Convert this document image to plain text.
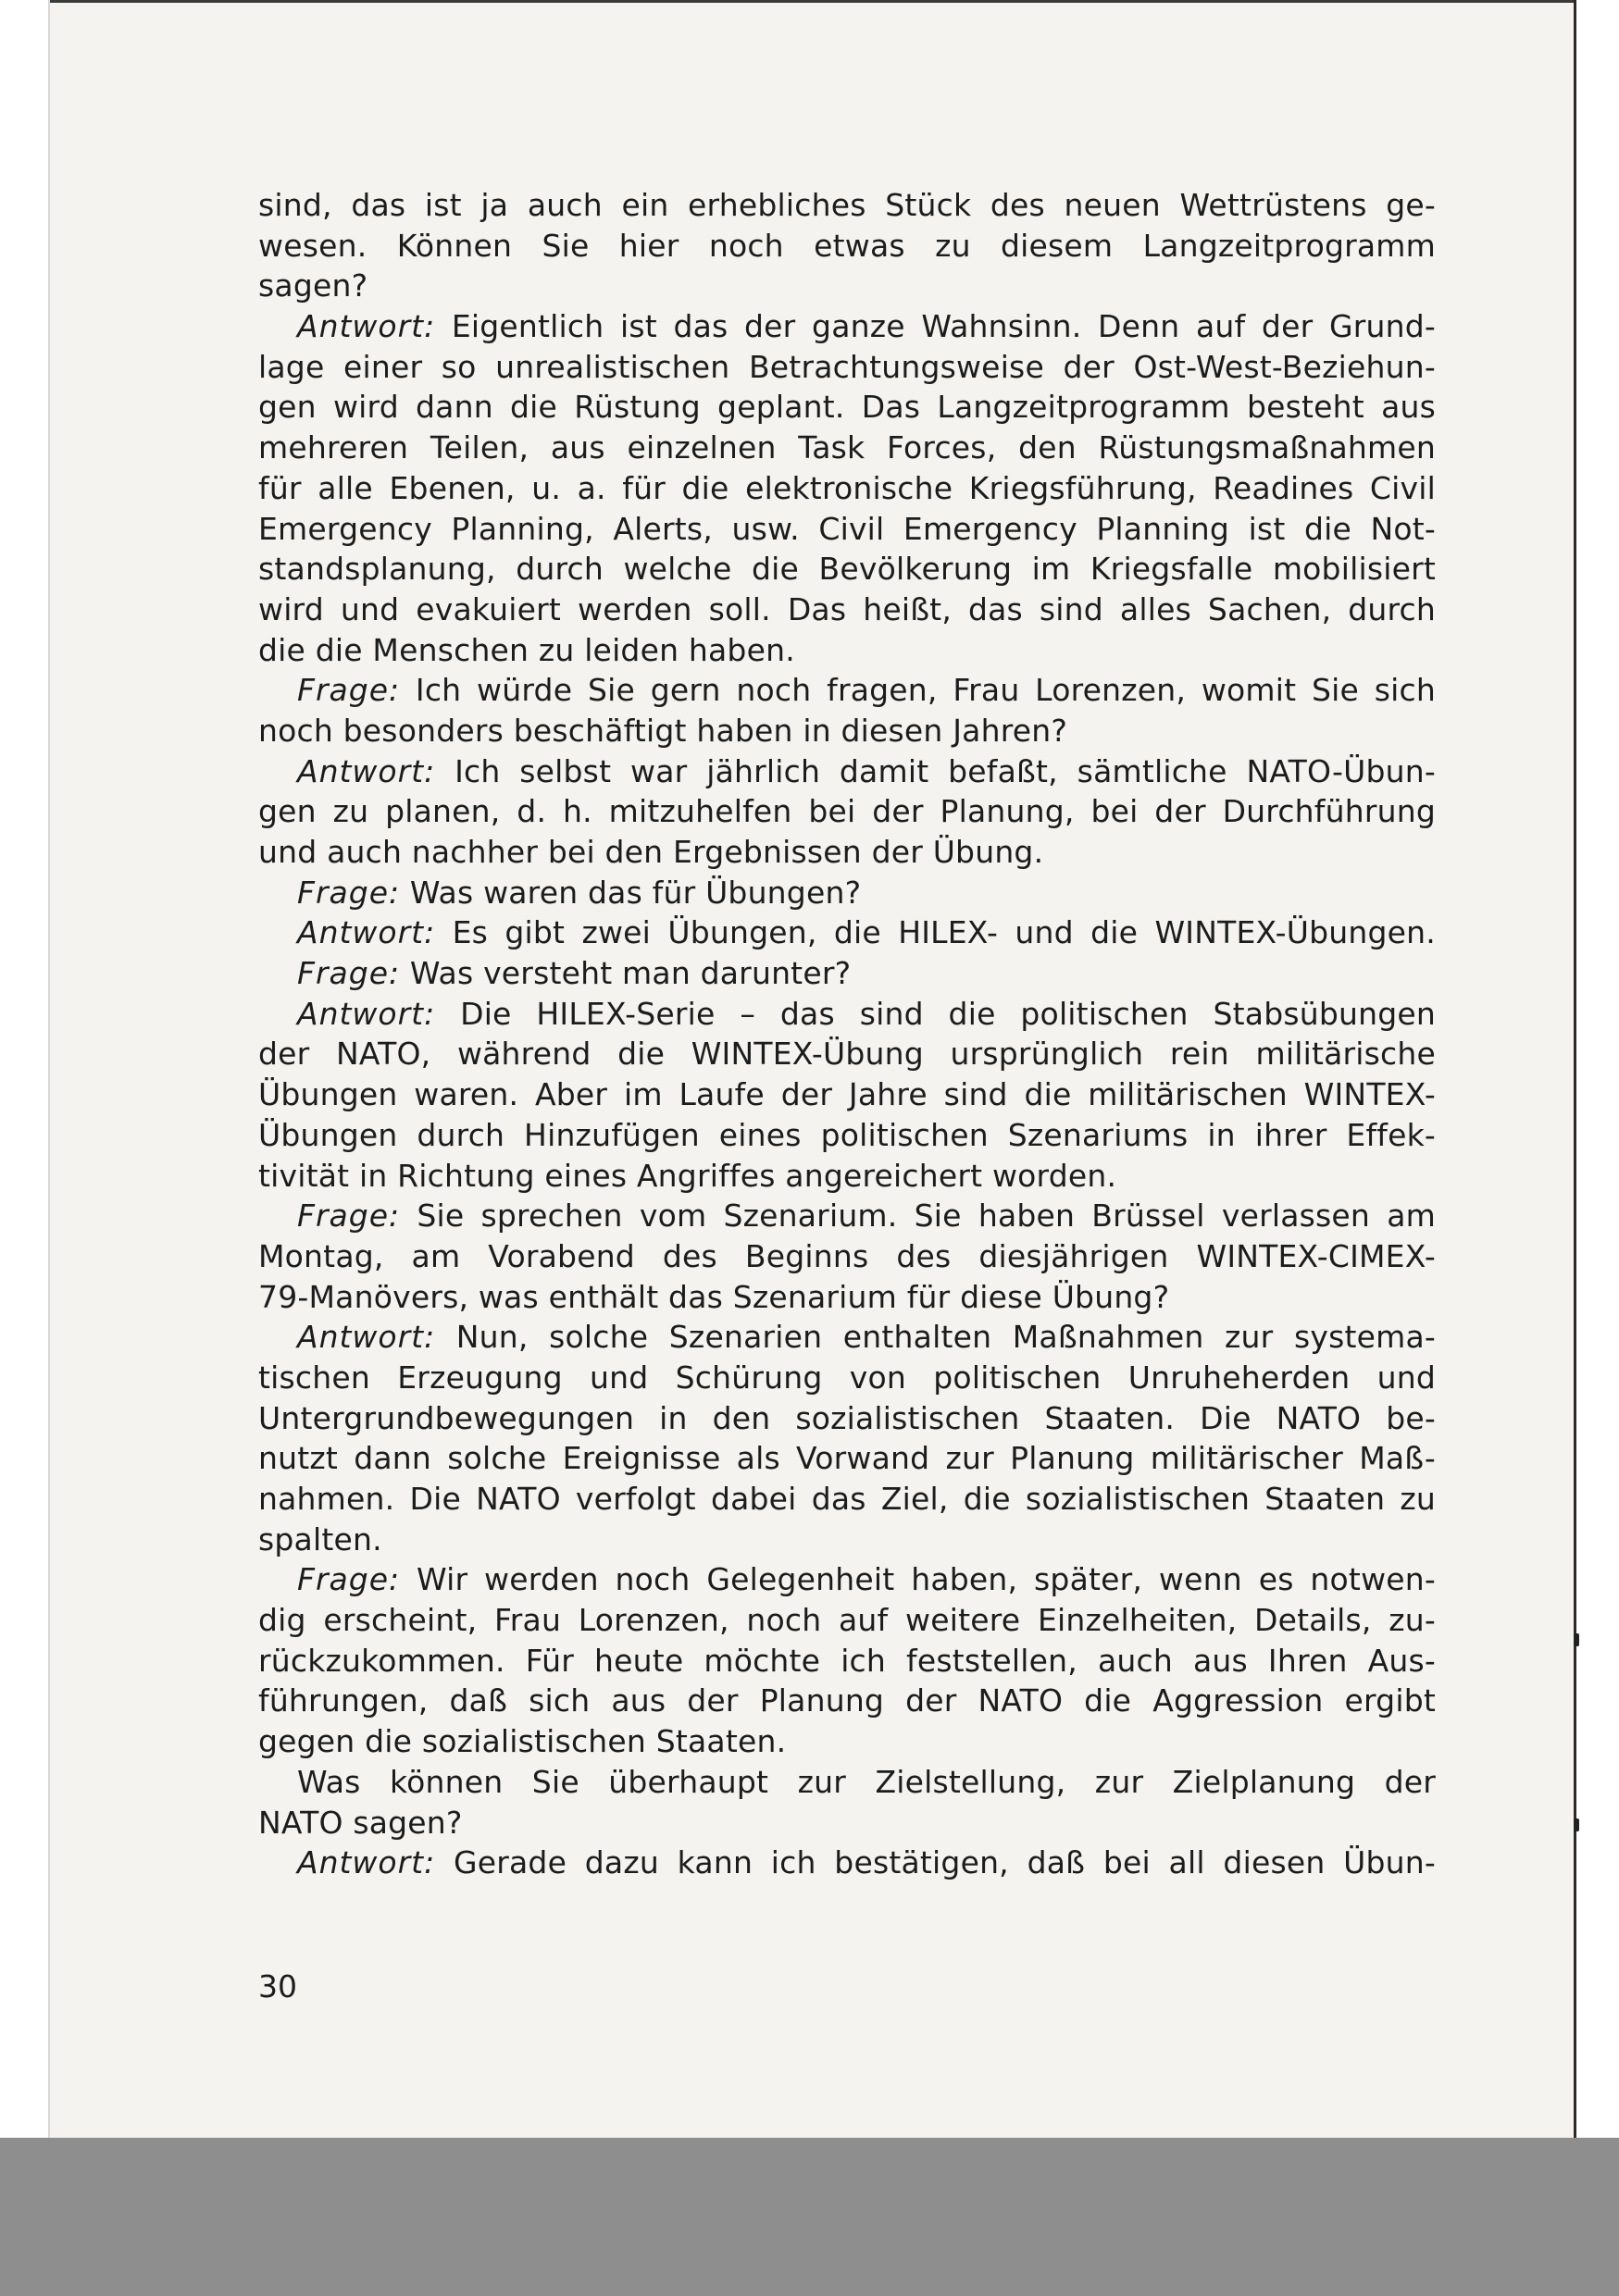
sind, das ist ja auch ein erhebliches Stück des neuen Wettrüstens ge-
wesen. Können Sie hier noch etwas zu diesem Langzeitprogramm
sagen?
Antwort: Eigentlich ist das der ganze Wahnsinn. Denn auf der Grund-
lage einer so unrealistischen Betrachtungsweise der Ost-West-Beziehun-
gen wird dann die Rüstung geplant. Das Langzeitprogramm besteht aus
mehreren Teilen, aus einzelnen Task Forces, den Rüstungsmaßnahmen
für alle Ebenen, u. a. für die elektronische Kriegsführung, Readines Civil
Emergency Planning, Alerts, usw. Civil Emergency Planning ist die Not-
standsplanung, durch welche die Bevölkerung im Kriegsfalle mobilisiert
wird und evakuiert werden soll. Das heißt, das sind alles Sachen, durch
die die Menschen zu leiden haben.
Frage: Ich würde Sie gern noch fragen, Frau Lorenzen, womit Sie sich
noch besonders beschäftigt haben in diesen Jahren?
Antwort: Ich selbst war jährlich damit befaßt, sämtliche NATO-Übun-
gen zu planen, d. h. mitzuhelfen bei der Planung, bei der Durchführung
und auch nachher bei den Ergebnissen der Übung.
Frage: Was waren das für Übungen?
Antwort: Es gibt zwei Übungen, die HILEX- und die WINTEX-Übungen.
Frage: Was versteht man darunter?
Antwort: Die HILEX-Serie – das sind die politischen Stabsübungen
der NATO, während die WINTEX-Übung ursprünglich rein militärische
Übungen waren. Aber im Laufe der Jahre sind die militärischen WINTEX-
Übungen durch Hinzufügen eines politischen Szenariums in ihrer Effek-
tivität in Richtung eines Angriffes angereichert worden.
Frage: Sie sprechen vom Szenarium. Sie haben Brüssel verlassen am
Montag, am Vorabend des Beginns des diesjährigen WINTEX-CIMEX-
79-Manövers, was enthält das Szenarium für diese Übung?
Antwort: Nun, solche Szenarien enthalten Maßnahmen zur systema-
tischen Erzeugung und Schürung von politischen Unruheherden und
Untergrundbewegungen in den sozialistischen Staaten. Die NATO be-
nutzt dann solche Ereignisse als Vorwand zur Planung militärischer Maß-
nahmen. Die NATO verfolgt dabei das Ziel, die sozialistischen Staaten zu
spalten.
Frage: Wir werden noch Gelegenheit haben, später, wenn es notwen-
dig erscheint, Frau Lorenzen, noch auf weitere Einzelheiten, Details, zu-
rückzukommen. Für heute möchte ich feststellen, auch aus Ihren Aus-
führungen, daß sich aus der Planung der NATO die Aggression ergibt
gegen die sozialistischen Staaten.
Was können Sie überhaupt zur Zielstellung, zur Zielplanung der
NATO sagen?
Antwort: Gerade dazu kann ich bestätigen, daß bei all diesen Übun-
30
